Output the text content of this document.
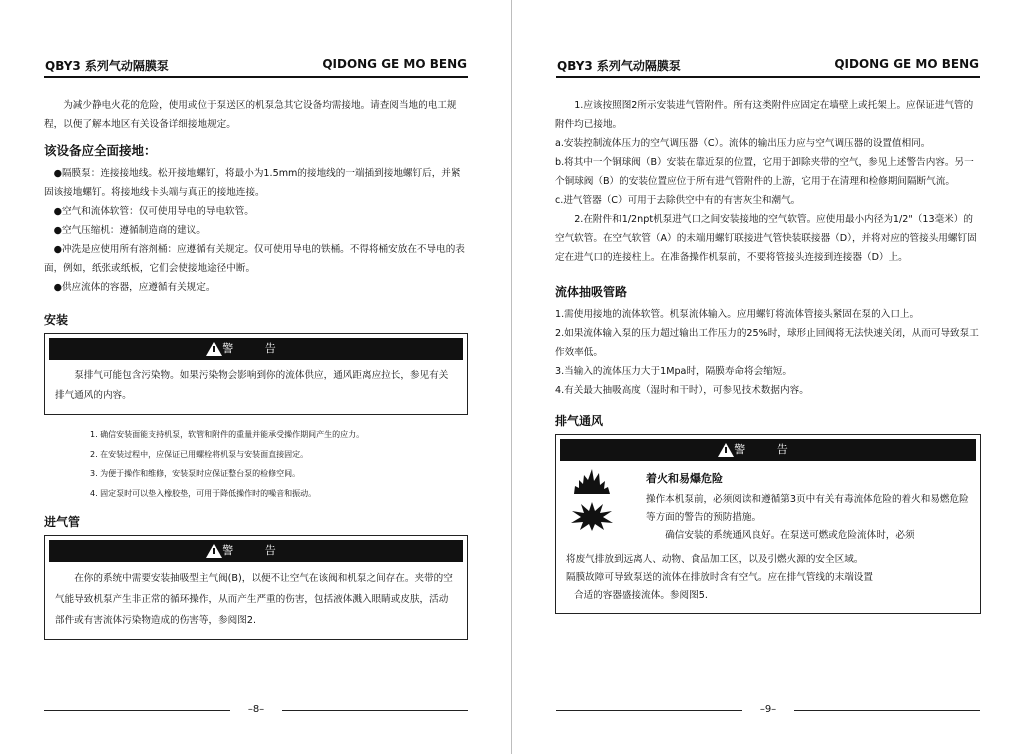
QBY3 系列气动隔膜泵	QIDONG GE MO BENG

为减少静电火花的危险，使用或位于泵送区的机泵急其它设备均需接地。请查阅当地的电工规程，以便了解本地区有关设备详细接地规定。

该设备应全面接地：

●隔膜泵：连接接地线。松开接地螺钉，将最小为1.5mm的接地线的一端插到接地螺钉后，并紧固该接地螺钉。将接地线卡头端与真正的接地连接。

●空气和流体软管：仅可使用导电的导电软管。

●空气压缩机：遵循制造商的建议。

●冲洗是应使用所有溶剂桶：应遵循有关规定。仅可使用导电的铁桶。不得将桶安放在不导电的表面，例如，纸张或纸板，它们会使接地途径中断。

●供应流体的容器，应遵循有关规定。

安装
警 告
泵排气可能包含污染物。如果污染物会影响到你的流体供应，通风距离应拉长，参见有关排气通风的内容。

1. 确信安装面能支持机泵，软管和附件的重量并能承受操作期间产生的应力。

2. 在安装过程中，应保证已用螺栓将机泵与安装面直接固定。

3. 为便于操作和维修，安装泵时应保证整台泵的检修空间。

4. 固定泵时可以垫入橡胶垫，可用于降低操作时的噪音和振动。

进气管
警 告
在你的系统中需要安装抽吸型主气阀(B)，以便不让空气在该阀和机泵之间存在。夹带的空气能导致机泵产生非正常的循环操作，从而产生严重的伤害，包括液体溅入眼睛或皮肤，活动部件或有害流体污染物造成的伤害等，参阅图2.
–8–
QBY3 系列气动隔膜泵	QIDONG GE MO BENG

1.应该按照图2所示安装进气管附件。所有这类附件应固定在墙壁上或托架上。应保证进气管的附件均已接地。

a.安装控制流体压力的空气调压器（C）。流体的输出压力应与空气调压器的设置值相同。

b.将其中一个铜球阀（B）安装在靠近泵的位置，它用于卸除夹带的空气，参见上述警告内容。另一个铜球阀（B）的安装位置应位于所有进气管附件的上游，它用于在清理和检修期间隔断气流。

c.进气管器（C）可用于去除供空中有的有害灰尘和潮气。

2.在附件和1/2npt机泵进气口之间安装接地的空气软管。应使用最小内径为1/2"（13毫米）的空气软管。在空气软管（A）的未端用螺钉联接进气管快装联接器（D），并将对应的管接头用螺钉固定在进气口的连接柱上。在准备操作机泵前，不要将管接头连接到连接器（D）上。

流体抽吸管路

1.需使用接地的流体软管。机泵流体输入。应用螺钉将流体管接头紧固在泵的入口上。

2.如果流体输入泵的压力超过输出工作压力的25%时，球形止回阀将无法快速关闭，从而可导致泵工作效率低。

3.当输入的流体压力大于1Mpa时，隔膜寿命将会缩短。

4.有关最大抽吸高度（湿时和干时），可参见技术数据内容。

排气通风
警 告
着火和易爆危险

操作本机泵前，必须阅读和遵循第3页中有关有毒流体危险的着火和易燃危险等方面的警告的预防措施。

确信安装的系统通风良好。在泵送可燃或危险流体时，必须

将废气排放到远离人、动物、食品加工区，以及引燃火源的安全区域。

隔膜故障可导致泵送的流体在排放时含有空气。应在排气管线的末端设置

合适的容器盛接流体。参阅图5.

–9–
